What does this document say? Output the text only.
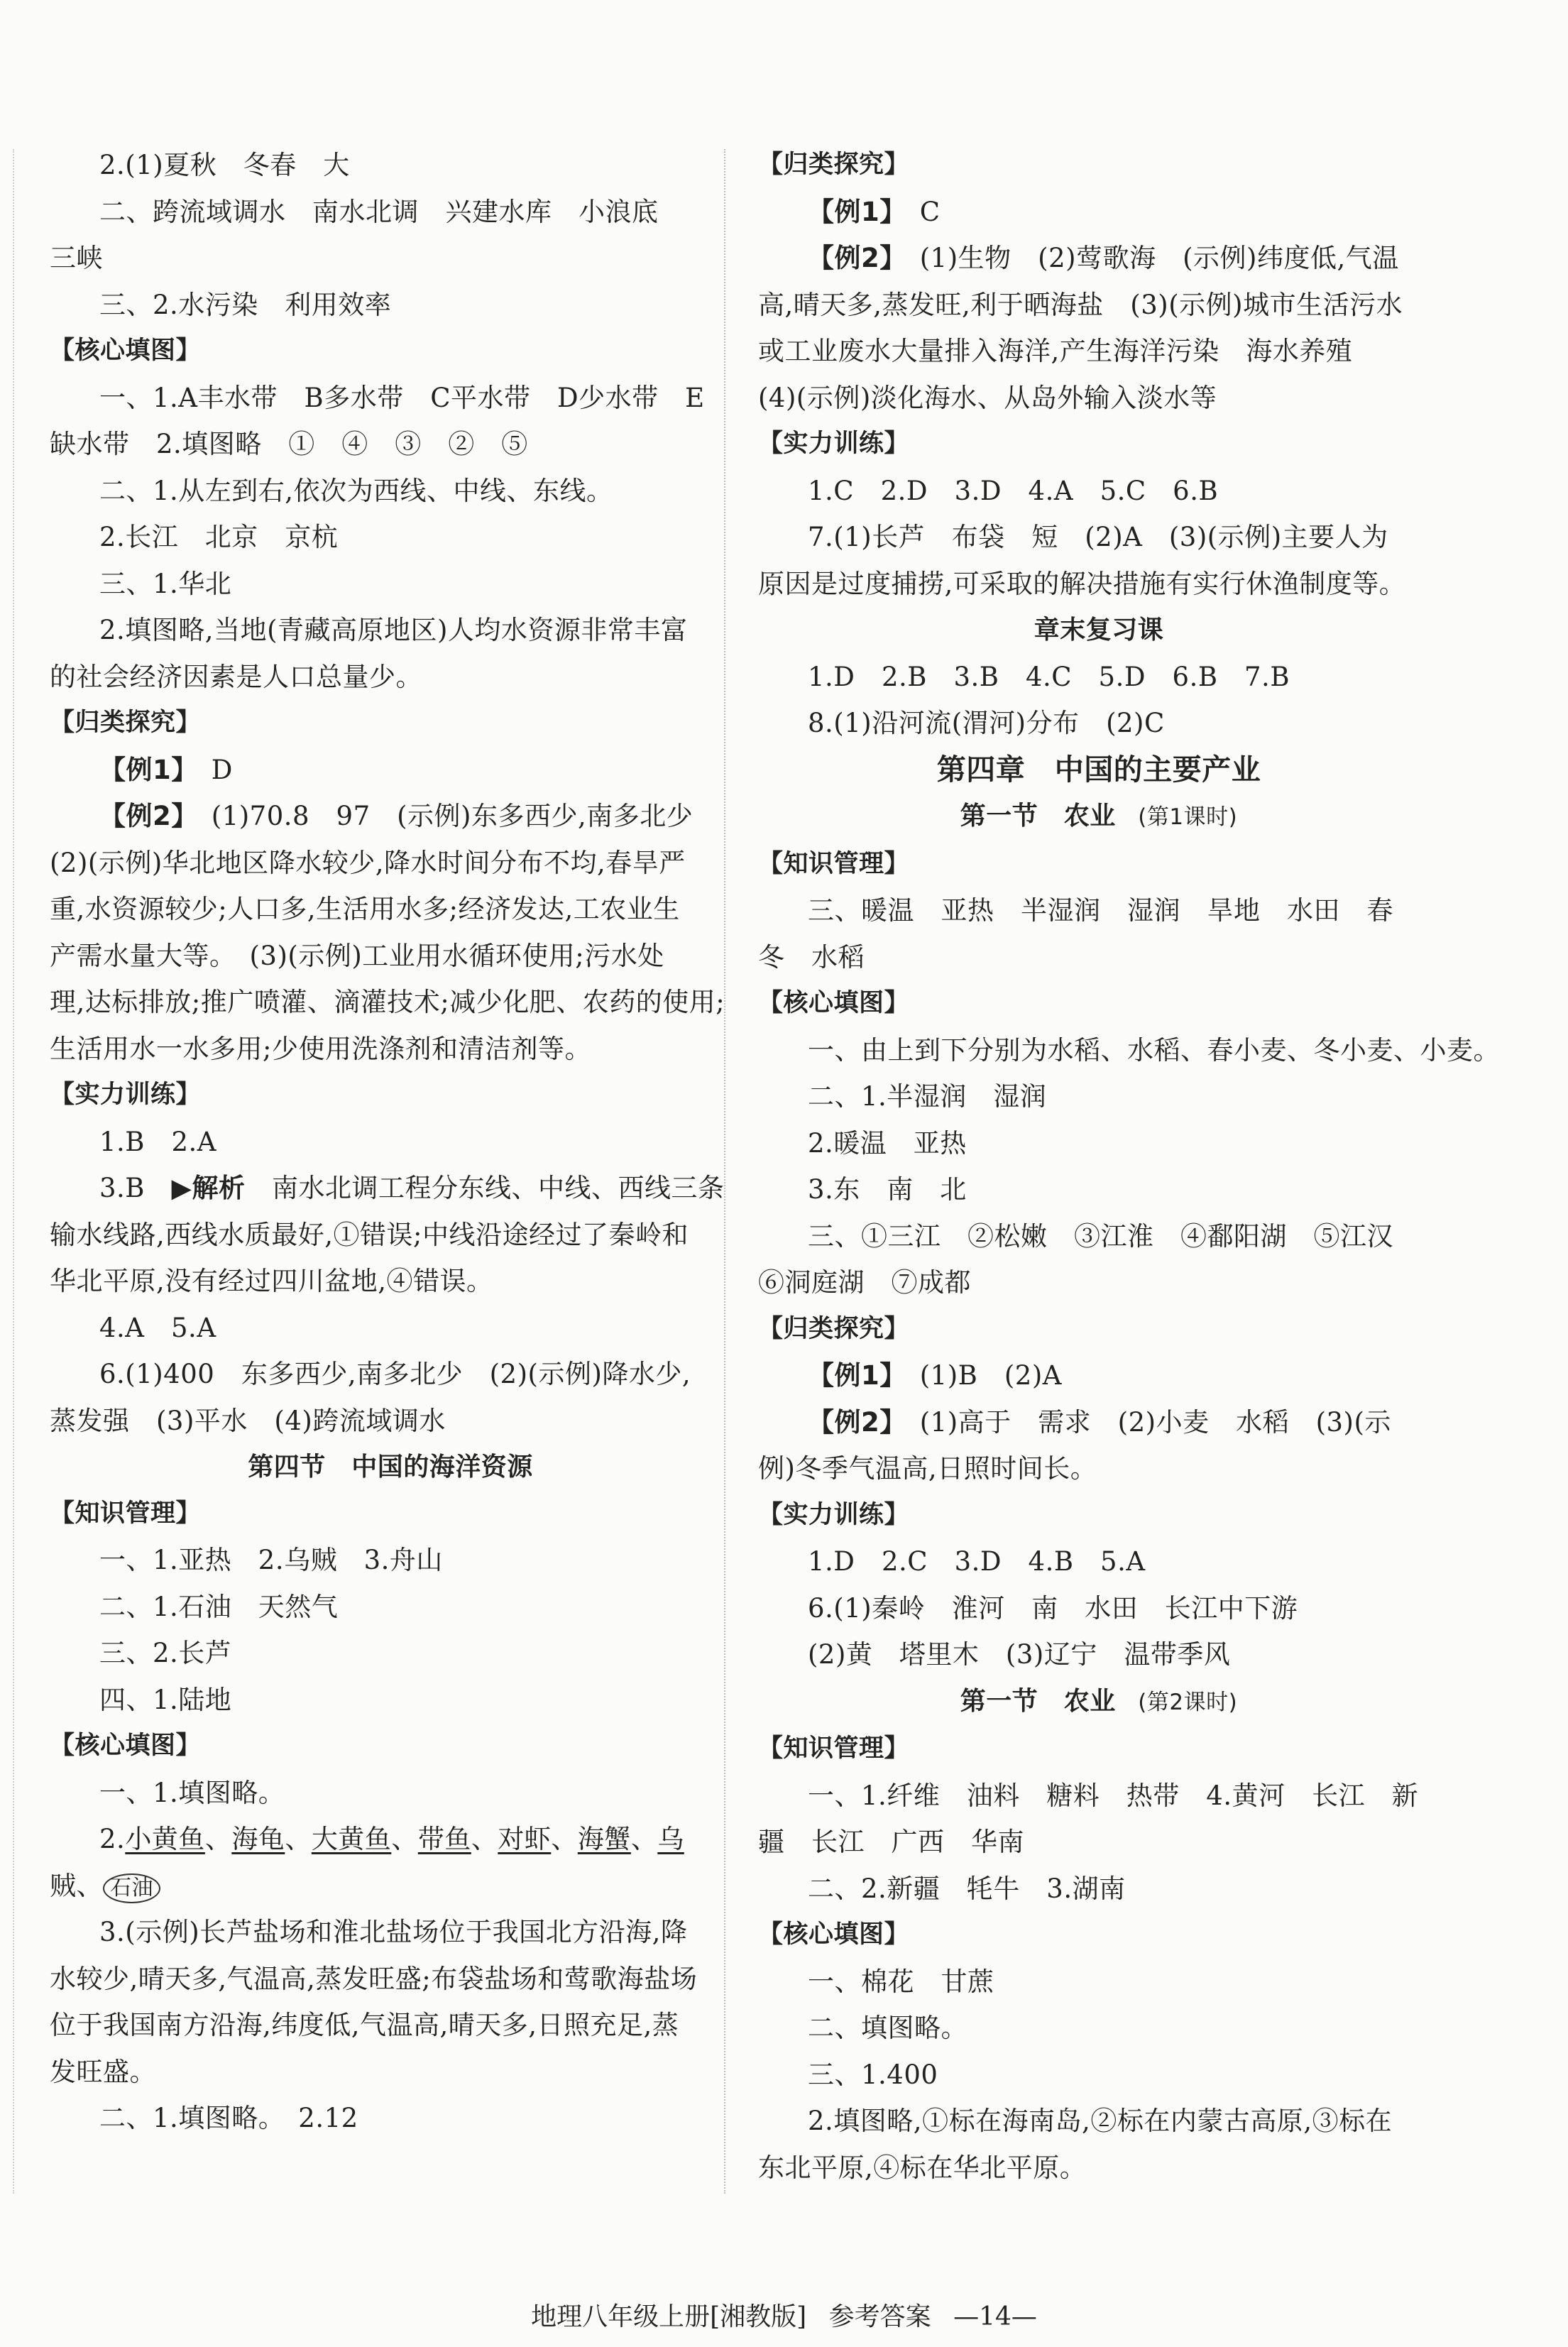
2.(1)夏秋　冬春　大
二、跨流域调水　南水北调　兴建水库　小浪底
三峡
三、2.水污染　利用效率
【核心填图】
一、1.A丰水带　B多水带　C平水带　D少水带　E
缺水带　2.填图略　①　④　③　②　⑤
二、1.从左到右,依次为西线、中线、东线。
2.长江　北京　京杭
三、1.华北
2.填图略,当地(青藏高原地区)人均水资源非常丰富
的社会经济因素是人口总量少。
【归类探究】
【例1】　D
【例2】　(1)70.8　97　(示例)东多西少,南多北少
(2)(示例)华北地区降水较少,降水时间分布不均,春旱严
重,水资源较少;人口多,生活用水多;经济发达,工农业生
产需水量大等。　(3)(示例)工业用水循环使用;污水处
理,达标排放;推广喷灌、滴灌技术;减少化肥、农药的使用;
生活用水一水多用;少使用洗涤剂和清洁剂等。
【实力训练】
1.B　2.A
3.B　▶解析　南水北调工程分东线、中线、西线三条
输水线路,西线水质最好,①错误;中线沿途经过了秦岭和
华北平原,没有经过四川盆地,④错误。
4.A　5.A
6.(1)400　东多西少,南多北少　(2)(示例)降水少,
蒸发强　(3)平水　(4)跨流域调水
第四节　中国的海洋资源
【知识管理】
一、1.亚热　2.乌贼　3.舟山
二、1.石油　天然气
三、2.长芦
四、1.陆地
【核心填图】
一、1.填图略。
2.小黄鱼、海龟、大黄鱼、带鱼、对虾、海蟹、乌
贼、 石油
3.(示例)长芦盐场和淮北盐场位于我国北方沿海,降
水较少,晴天多,气温高,蒸发旺盛;布袋盐场和莺歌海盐场
位于我国南方沿海,纬度低,气温高,晴天多,日照充足,蒸
发旺盛。
二、1.填图略。　2.12
【归类探究】
【例1】　C
【例2】　(1)生物　(2)莺歌海　(示例)纬度低,气温
高,晴天多,蒸发旺,利于晒海盐　(3)(示例)城市生活污水
或工业废水大量排入海洋,产生海洋污染　海水养殖
(4)(示例)淡化海水、从岛外输入淡水等
【实力训练】
1.C　2.D　3.D　4.A　5.C　6.B
7.(1)长芦　布袋　短　(2)A　(3)(示例)主要人为
原因是过度捕捞,可采取的解决措施有实行休渔制度等。
章末复习课
1.D　2.B　3.B　4.C　5.D　6.B　7.B
8.(1)沿河流(渭河)分布　(2)C
第四章　中国的主要产业
第一节　农业　(第1课时)
【知识管理】
三、暖温　亚热　半湿润　湿润　旱地　水田　春
冬　水稻
【核心填图】
一、由上到下分别为水稻、水稻、春小麦、冬小麦、小麦。
二、1.半湿润　湿润
2.暖温　亚热
3.东　南　北
三、①三江　②松嫩　③江淮　④鄱阳湖　⑤江汉
⑥洞庭湖　⑦成都
【归类探究】
【例1】　(1)B　(2)A
【例2】　(1)高于　需求　(2)小麦　水稻　(3)(示
例)冬季气温高,日照时间长。
【实力训练】
1.D　2.C　3.D　4.B　5.A
6.(1)秦岭　淮河　南　水田　长江中下游
(2)黄　塔里木　(3)辽宁　温带季风
第一节　农业　(第2课时)
【知识管理】
一、1.纤维　油料　糖料　热带　4.黄河　长江　新
疆　长江　广西　华南
二、2.新疆　牦牛　3.湖南
【核心填图】
一、棉花　甘蔗
二、填图略。
三、1.400
2.填图略,①标在海南岛,②标在内蒙古高原,③标在
东北平原,④标在华北平原。
地理八年级上册[湘教版] 参考答案 —14—
